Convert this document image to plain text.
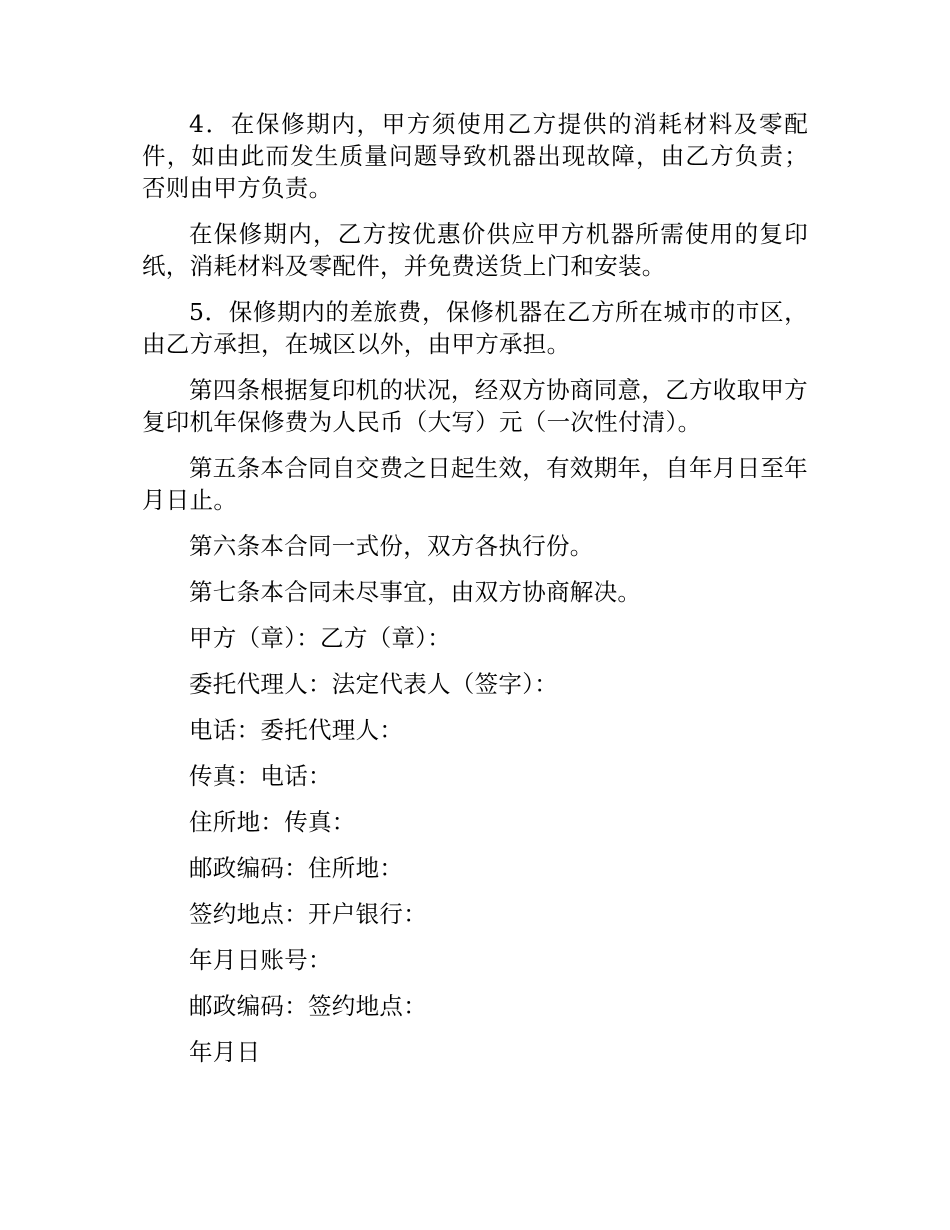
4．在保修期内，甲方须使用乙方提供的消耗材料及零配件，如由此而发生质量问题导致机器出现故障，由乙方负责；否则由甲方负责。

在保修期内，乙方按优惠价供应甲方机器所需使用的复印纸，消耗材料及零配件，并免费送货上门和安装。

5．保修期内的差旅费，保修机器在乙方所在城市的市区，由乙方承担，在城区以外，由甲方承担。

第四条根据复印机的状况，经双方协商同意，乙方收取甲方复印机年保修费为人民币（大写）元（一次性付清）。

第五条本合同自交费之日起生效，有效期年，自年月日至年月日止。

第六条本合同一式份，双方各执行份。

第七条本合同未尽事宜，由双方协商解决。

甲方（章）：乙方（章）：

委托代理人：法定代表人（签字）：

电话：委托代理人：

传真：电话：

住所地：传真：

邮政编码：住所地：

签约地点：开户银行：

年月日账号：

邮政编码：签约地点：

年月日
